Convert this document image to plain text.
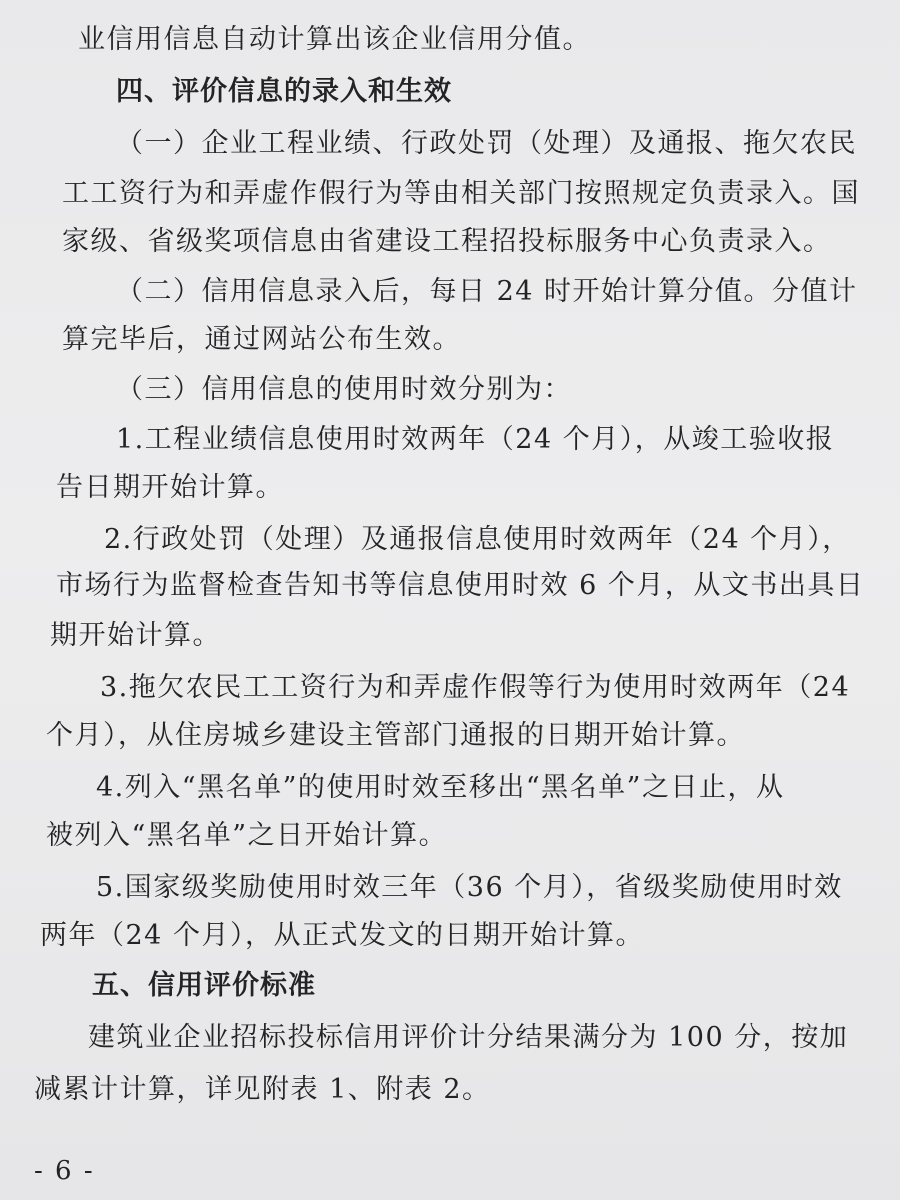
业信用信息自动计算出该企业信用分值。
四、评价信息的录入和生效
（一）企业工程业绩、行政处罚（处理）及通报、拖欠农民
工工资行为和弄虚作假行为等由相关部门按照规定负责录入。国
家级、省级奖项信息由省建设工程招投标服务中心负责录入。
（二）信用信息录入后，每日 24 时开始计算分值。分值计
算完毕后，通过网站公布生效。
（三）信用信息的使用时效分别为：
1.工程业绩信息使用时效两年（24 个月），从竣工验收报
告日期开始计算。
2.行政处罚（处理）及通报信息使用时效两年（24 个月），
市场行为监督检查告知书等信息使用时效 6 个月，从文书出具日
期开始计算。
3.拖欠农民工工资行为和弄虚作假等行为使用时效两年（24
个月），从住房城乡建设主管部门通报的日期开始计算。
4.列入“黑名单”的使用时效至移出“黑名单”之日止，从
被列入“黑名单”之日开始计算。
5.国家级奖励使用时效三年（36 个月），省级奖励使用时效
两年（24 个月），从正式发文的日期开始计算。
五、信用评价标准
建筑业企业招标投标信用评价计分结果满分为 100 分，按加
减累计计算，详见附表 1、附表 2。
- 6 -
